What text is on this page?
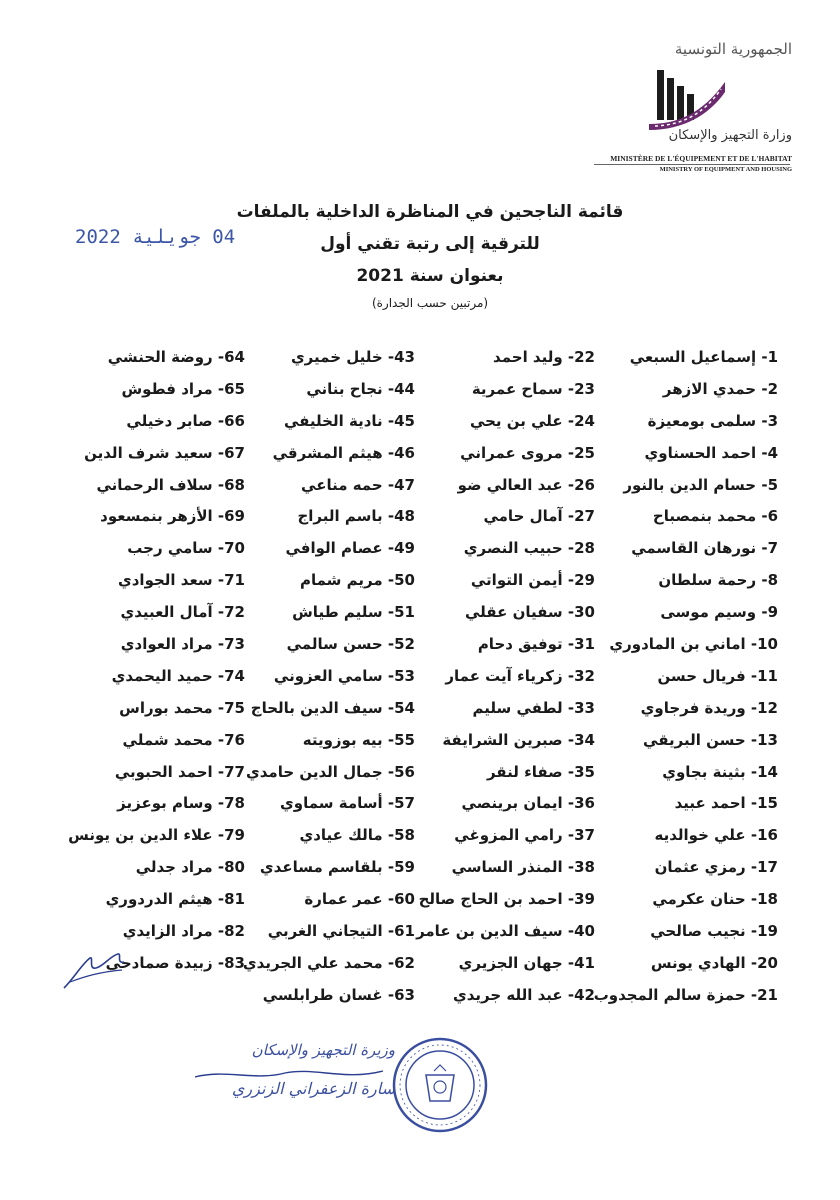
الجمهورية التونسية
وزارة التجهيز والإسكان
MINISTÈRE DE L'ÉQUIPEMENT ET DE L'HABITAT
MINISTRY OF EQUIPMENT AND HOUSING
04 جويلية 2022
قائمة الناجحين في المناظرة الداخلية بالملفات
للترقية إلى رتبة تقني أول
بعنوان سنة 2021
(مرتبين حسب الجدارة)
1- إسماعيل السبعي
2- حمدي الازهر
3- سلمى بومعيزة
4- احمد الحسناوي
5- حسام الدين بالنور
6- محمد بنمصباح
7- نورهان القاسمي
8- رحمة سلطان
9- وسيم موسى
10- اماني بن المادوري
11- فريال حسن
12- وريدة فرجاوي
13- حسن البريقي
14- بثينة بجاوي
15- احمد عبيد
16- علي خوالديه
17- رمزي عثمان
18- حنان عكرمي
19- نجيب صالحي
20- الهادي يونس
21- حمزة سالم المجدوب
22- وليد احمد
23- سماح عمرية
24- علي بن يحي
25- مروى عمراني
26- عبد العالي ضو
27- آمال حامي
28- حبيب النصري
29- أيمن التواتي
30- سفيان عقلي
31- توفيق دحام
32- زكرياء آيت عمار
33- لطفي سليم
34- صبرين الشرايفة
35- صفاء لنقر
36- ايمان برينصي
37- رامي المزوغي
38- المنذر الساسي
39- احمد بن الحاج صالح
40- سيف الدين بن عامر
41- جهان الجزيري
42- عبد الله جريدي
43- خليل خميري
44- نجاح بناني
45- نادية الخليفي
46- هيثم المشرقي
47- حمه مناعي
48- باسم البراج
49- عصام الوافي
50- مريم شمام
51- سليم طياش
52- حسن سالمي
53- سامي العزوني
54- سيف الدين بالحاج
55- بيه بوزويته
56- جمال الدين حامدي
57- أسامة سماوي
58- مالك عيادي
59- بلقاسم مساعدي
60- عمر عمارة
61- التيجاني الغربي
62- محمد علي الجريدي
63- غسان طرابلسي
64- روضة الحنشي
65- مراد فطوش
66- صابر دخيلي
67- سعيد شرف الدين
68- سلاف الرحماني
69- الأزهر بنمسعود
70- سامي رجب
71- سعد الجوادي
72- آمال العبيدي
73- مراد العوادي
74- حميد اليحمدي
75- محمد بوراس
76- محمد شملي
77- احمد الحبوبي
78- وسام بوعزيز
79- علاء الدين بن يونس
80- مراد جدلي
81- هيثم الدردوري
82- مراد الزايدي
83- زبيدة صمادحي
وزيرة التجهيز والإسكان
سارة الزعفراني الزنزري
